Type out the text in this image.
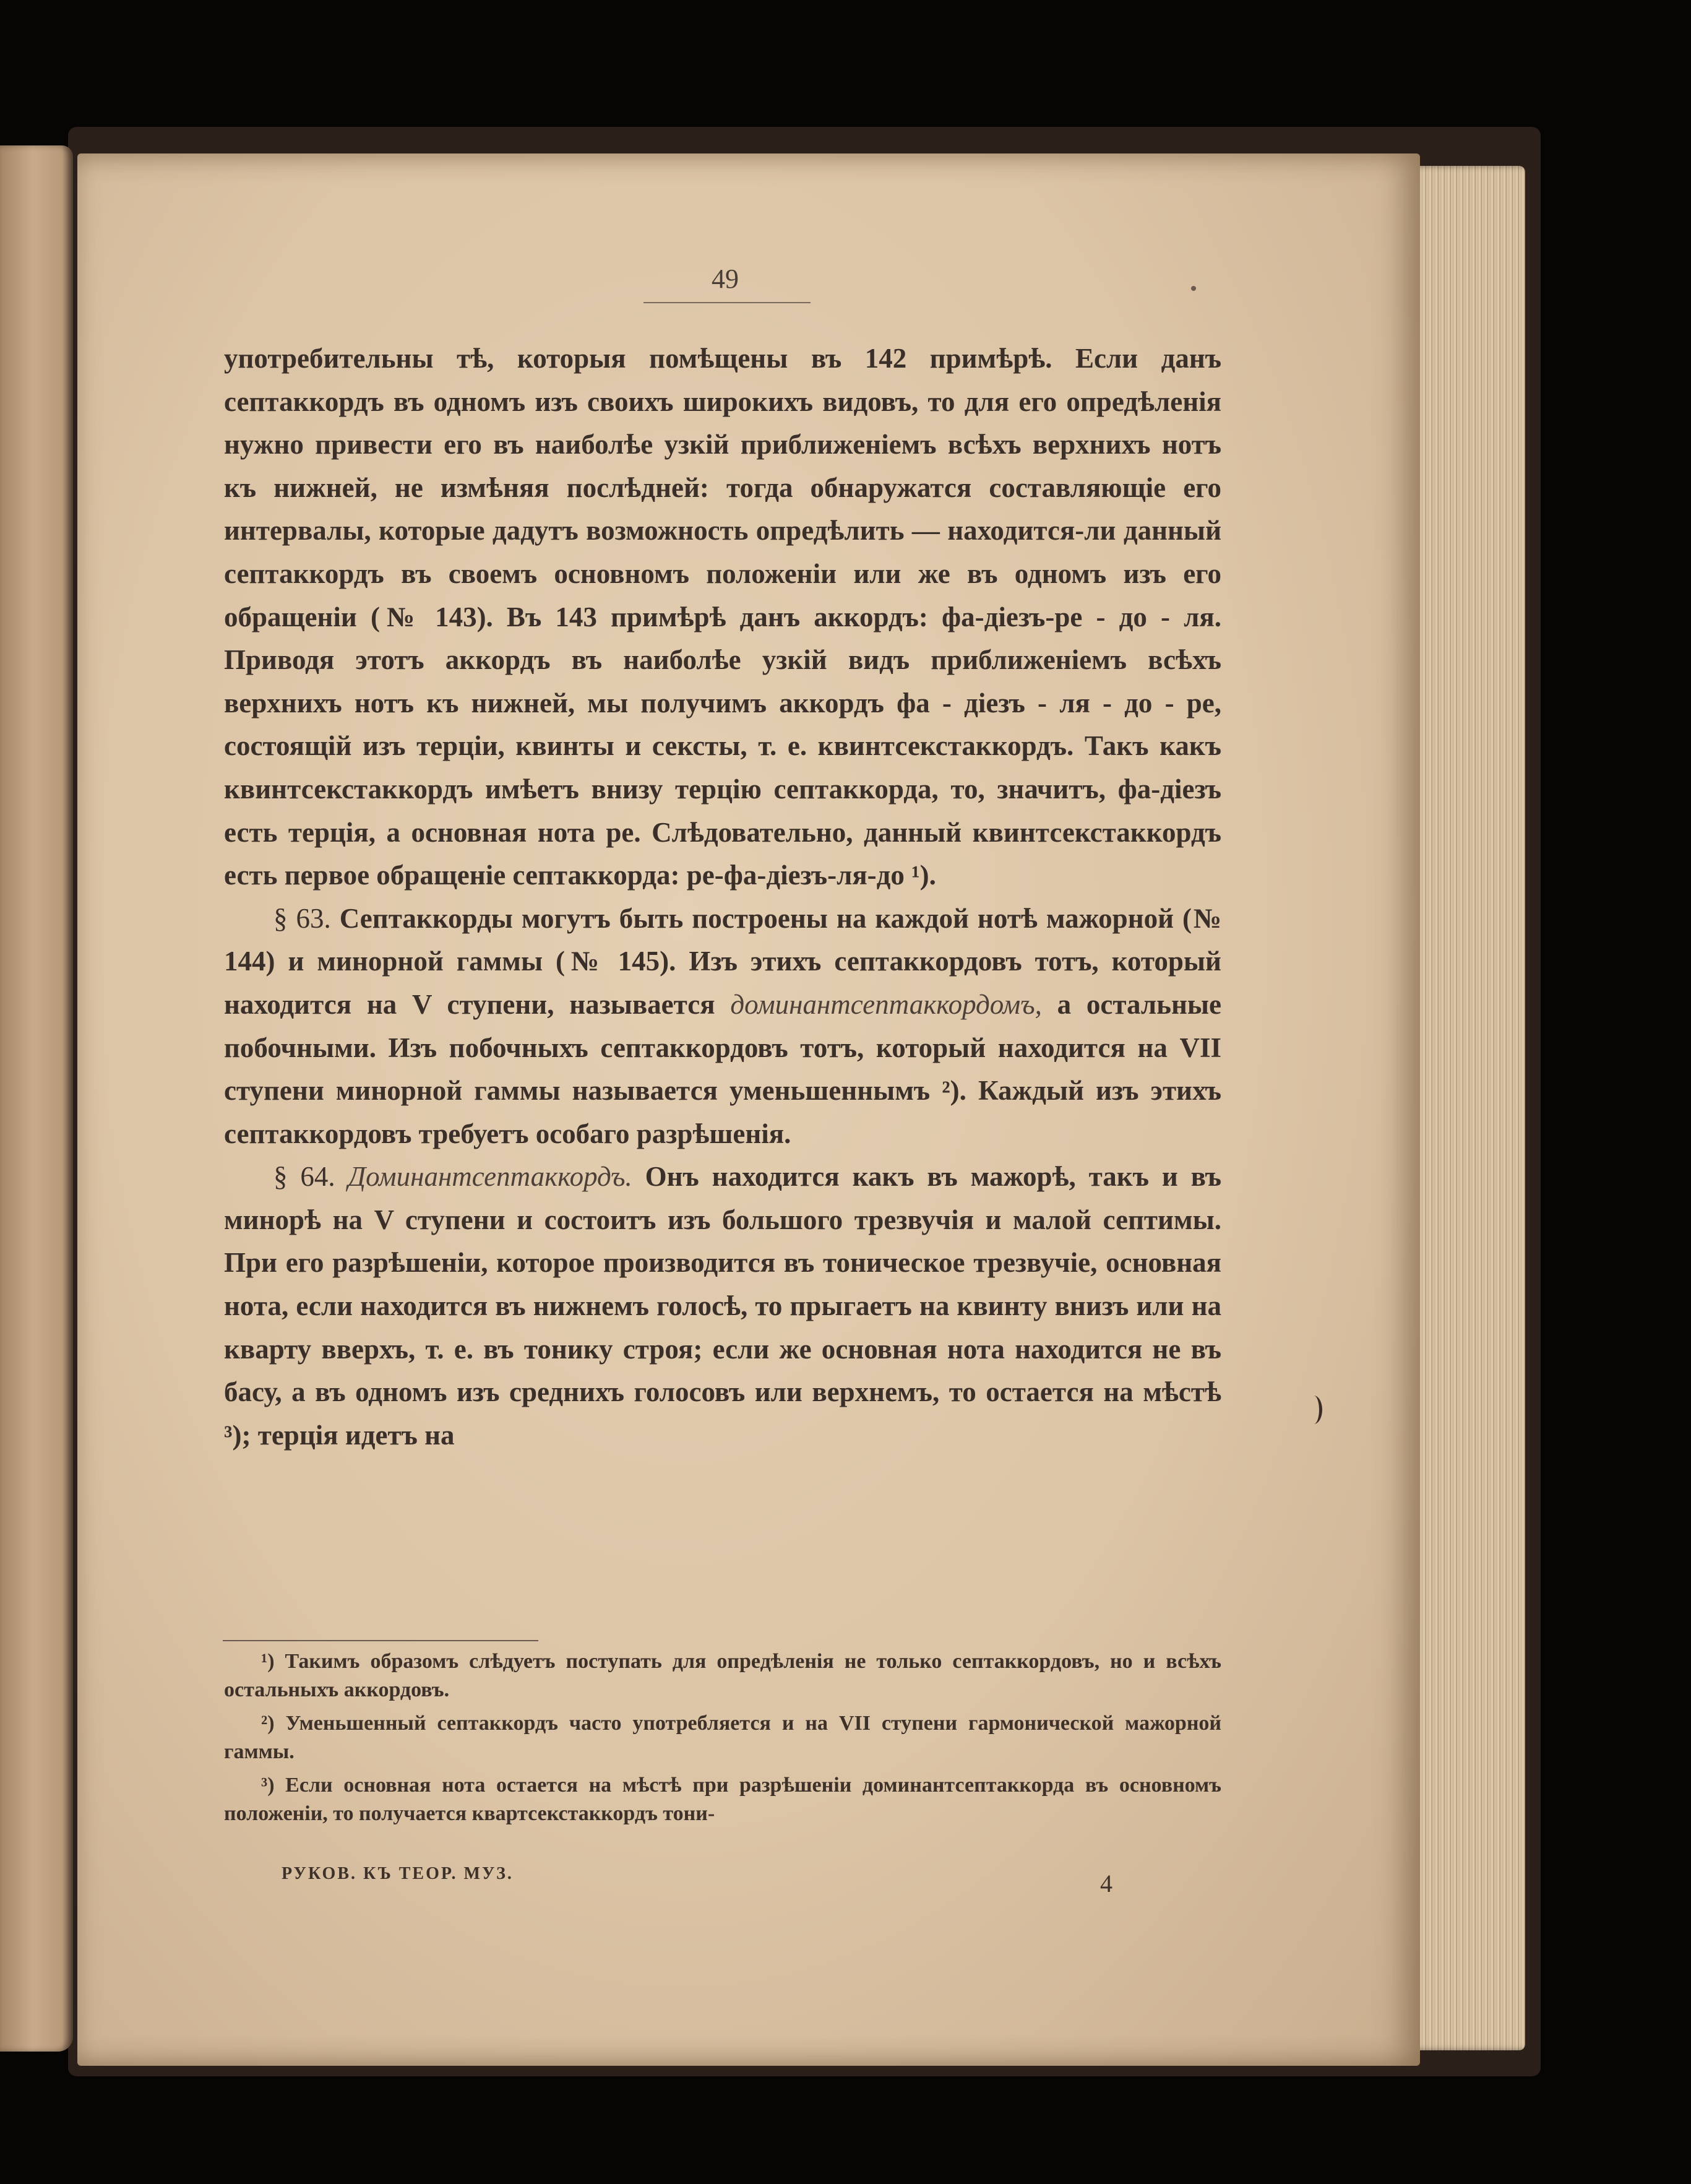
49

употребительны тѣ, которыя помѣщены въ 142 примѣрѣ. Если данъ септаккордъ въ одномъ изъ своихъ широкихъ видовъ, то для его опредѣленія нужно привести его въ наиболѣе узкій приближеніемъ всѣхъ верхнихъ нотъ къ нижней, не измѣняя послѣдней: тогда обнаружатся составляющіе его интервалы, которые дадутъ возможность опредѣлить — находится-ли данный септаккордъ въ своемъ основномъ положеніи или же въ одномъ изъ его обращеніи (№ 143). Въ 143 примѣрѣ данъ аккордъ: фа-діезъ-ре - до - ля. Приводя этотъ аккордъ въ наиболѣе узкій видъ приближеніемъ всѣхъ верхнихъ нотъ къ нижней, мы получимъ аккордъ фа - діезъ - ля - до - ре, состоящій изъ терціи, квинты и сексты, т. е. квинтсекстаккордъ. Такъ какъ квинтсекстаккордъ имѣетъ внизу терцію септаккорда, то, значитъ, фа-діезъ есть терція, а основная нота ре. Слѣдовательно, данный квинтсекстаккордъ есть первое обращеніе септаккорда: ре-фа-діезъ-ля-до ¹).

§ 63. Септаккорды могутъ быть построены на каждой нотѣ мажорной (№ 144) и минорной гаммы (№ 145). Изъ этихъ септаккордовъ тотъ, который находится на V ступени, называется доминантсептаккордомъ, а остальные побочными. Изъ побочныхъ септаккордовъ тотъ, который находится на VII ступени минорной гаммы называется уменьшеннымъ ²). Каждый изъ этихъ септаккордовъ требуетъ особаго разрѣшенія.

§ 64. Доминантсептаккордъ. Онъ находится какъ въ мажорѣ, такъ и въ минорѣ на V ступени и состоитъ изъ большого трезвучія и малой септимы. При его разрѣшеніи, которое производится въ тоническое трезвучіе, основная нота, если находится въ нижнемъ голосѣ, то прыгаетъ на квинту внизъ или на кварту вверхъ, т. е. въ тонику строя; если же основная нота находится не въ басу, а въ одномъ изъ среднихъ голосовъ или верхнемъ, то остается на мѣстѣ ³); терція идетъ на

¹) Такимъ образомъ слѣдуетъ поступать для опредѣленія не только септаккордовъ, но и всѣхъ остальныхъ аккордовъ.

²) Уменьшенный септаккордъ часто употребляется и на VII ступени гармонической мажорной гаммы.

³) Если основная нота остается на мѣстѣ при разрѣшеніи доминантсептаккорда въ основномъ положеніи, то получается квартсекстаккордъ тони-

РУКОВ. КЪ ТЕОР. МУЗ.	4
